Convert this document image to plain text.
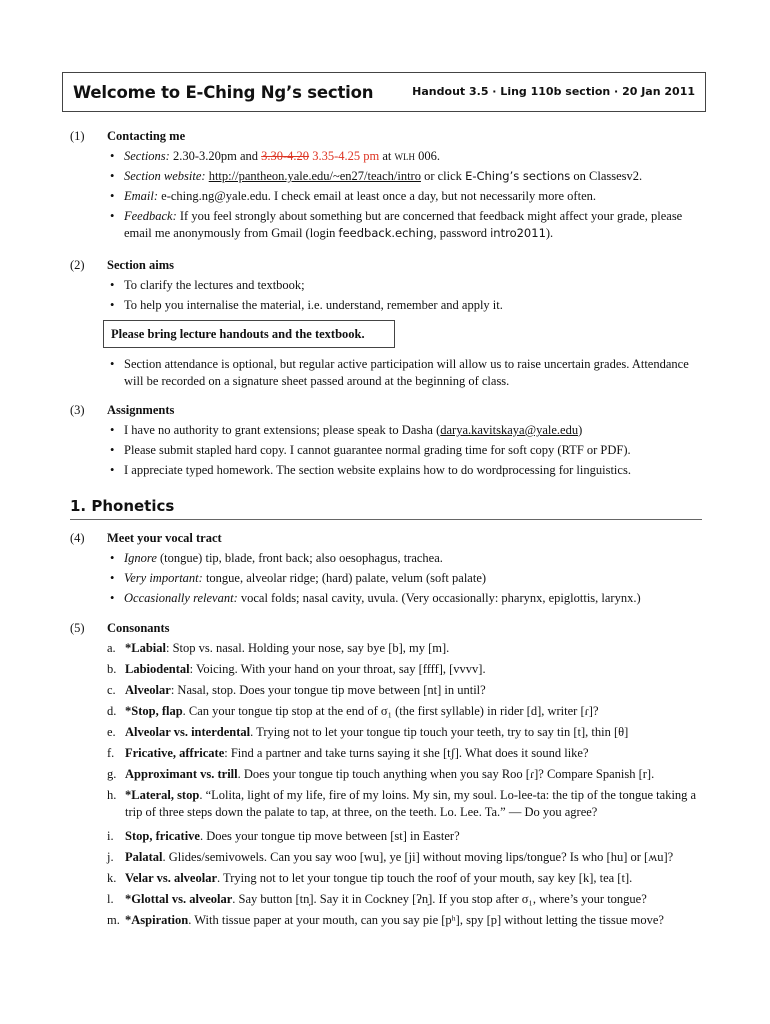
Welcome to E-Ching Ng’s section	Handout 3.5 · Ling 110b section · 20 Jan 2011
(1)	Contacting me
• Sections: 2.30-3.20pm and 3.30-4.20 3.35-4.25 pm at wlh 006.
• Section website: http://pantheon.yale.edu/~en27/teach/intro or click E-Ching’s sections on Classesv2.
• Email: e-ching.ng@yale.edu. I check email at least once a day, but not necessarily more often.
• Feedback: If you feel strongly about something but are concerned that feedback might affect your grade, please email me anonymously from Gmail (login feedback.eching, password intro2011).
(2)	Section aims
• To clarify the lectures and textbook;
• To help you internalise the material, i.e. understand, remember and apply it.
Please bring lecture handouts and the textbook.
• Section attendance is optional, but regular active participation will allow us to raise uncertain grades. Attendance will be recorded on a signature sheet passed around at the beginning of class.
(3)	Assignments
• I have no authority to grant extensions; please speak to Dasha (darya.kavitskaya@yale.edu)
• Please submit stapled hard copy. I cannot guarantee normal grading time for soft copy (RTF or PDF).
• I appreciate typed homework. The section website explains how to do wordprocessing for linguistics.
1. Phonetics
(4)	Meet your vocal tract
• Ignore (tongue) tip, blade, front back; also oesophagus, trachea.
• Very important: tongue, alveolar ridge; (hard) palate, velum (soft palate)
• Occasionally relevant: vocal folds; nasal cavity, uvula. (Very occasionally: pharynx, epiglottis, larynx.)
(5)	Consonants
a. *Labial: Stop vs. nasal. Holding your nose, say bye [b], my [m].
b. Labiodental: Voicing. With your hand on your throat, say [ffff], [vvvv].
c. Alveolar: Nasal, stop. Does your tongue tip move between [nt] in until?
d. *Stop, flap. Can your tongue tip stop at the end of σ₁ (the first syllable) in rider [d], writer [ɾ]?
e. Alveolar vs. interdental. Trying not to let your tongue tip touch your teeth, try to say tin [t], thin [θ]
f. Fricative, affricate: Find a partner and take turns saying it she [tʃ]. What does it sound like?
g. Approximant vs. trill. Does your tongue tip touch anything when you say Roo [ɾ]? Compare Spanish [r].
h. *Lateral, stop. “Lolita, light of my life, fire of my loins. My sin, my soul. Lo-lee-ta: the tip of the tongue taking a trip of three steps down the palate to tap, at three, on the teeth. Lo. Lee. Ta.” — Do you agree?
i. Stop, fricative. Does your tongue tip move between [st] in Easter?
j. Palatal. Glides/semivowels. Can you say woo [wu], ye [ji] without moving lips/tongue? Is who [hu] or [ʍu]?
k. Velar vs. alveolar. Trying not to let your tongue tip touch the roof of your mouth, say key [k], tea [t].
l. *Glottal vs. alveolar. Say button [tn̩]. Say it in Cockney [ʔn̩]. If you stop after σ₁, where’s your tongue?
m. *Aspiration. With tissue paper at your mouth, can you say pie [pʰ], spy [p] without letting the tissue move?
